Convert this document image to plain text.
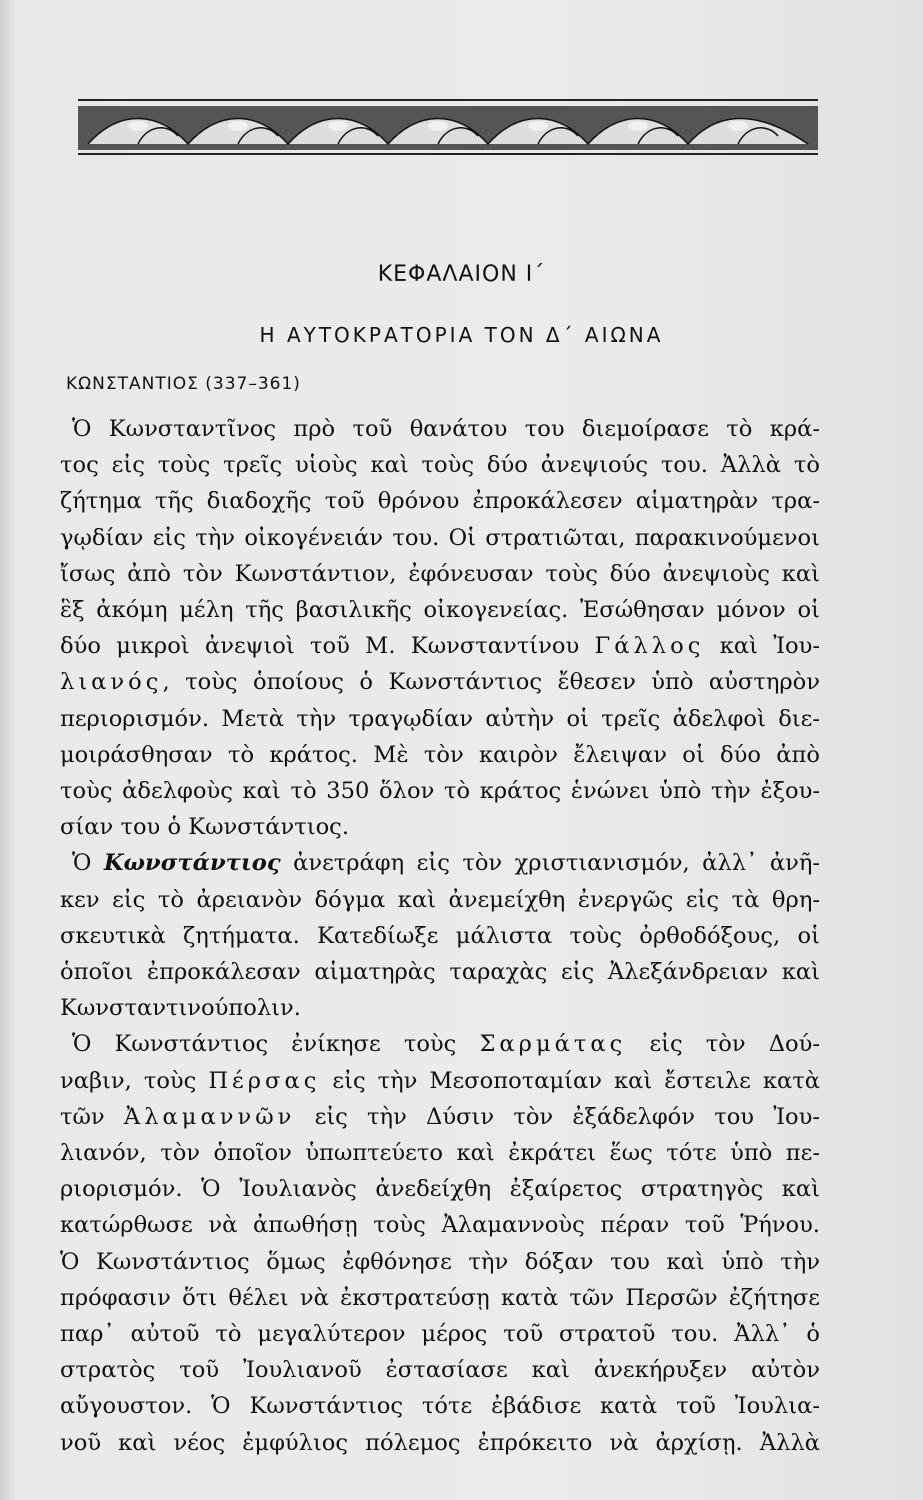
ΚΕΦΑΛΑΙΟΝ Ι΄
Η ΑΥΤΟΚΡΑΤΟΡΙΑ ΤΟΝ Δ΄ ΑΙΩΝΑ
ΚΩΝΣΤΑΝΤΙΟΣ (337–361)
Ὁ Κωνσταντῖνος πρὸ τοῦ θανάτου του διεμοίρασε τὸ κρά-
τος εἰς τοὺς τρεῖς υἱοὺς καὶ τοὺς δύο ἀνεψιούς του. Ἀλλὰ τὸ
ζήτημα τῆς διαδοχῆς τοῦ θρόνου ἐπροκάλεσεν αἱματηρὰν τρα-
γῳδίαν εἰς τὴν οἰκογένειάν του. Οἱ στρατιῶται, παρακινούμενοι
ἴσως ἀπὸ τὸν Κωνστάντιον, ἐφόνευσαν τοὺς δύο ἀνεψιοὺς καὶ
ἓξ ἀκόμη μέλη τῆς βασιλικῆς οἰκογενείας. Ἐσώθησαν μόνον οἱ
δύο μικροὶ ἀνεψιοὶ τοῦ Μ. Κωνσταντίνου Γάλλος καὶ Ἰου-
λιανός, τοὺς ὁποίους ὁ Κωνστάντιος ἔθεσεν ὑπὸ αὐστηρὸν
περιορισμόν. Μετὰ τὴν τραγῳδίαν αὐτὴν οἱ τρεῖς ἀδελφοὶ διε-
μοιράσθησαν τὸ κράτος. Μὲ τὸν καιρὸν ἔλειψαν οἱ δύο ἀπὸ
τοὺς ἀδελφοὺς καὶ τὸ 350 ὅλον τὸ κράτος ἑνώνει ὑπὸ τὴν ἐξου-
σίαν του ὁ Κωνστάντιος.
Ὁ Κωνστάντιος ἀνετράφη εἰς τὸν χριστιανισμόν, ἀλλ᾽ ἀνῆ-
κεν εἰς τὸ ἀρειανὸν δόγμα καὶ ἀνεμείχθη ἐνεργῶς εἰς τὰ θρη-
σκευτικὰ ζητήματα. Κατεδίωξε μάλιστα τοὺς ὀρθοδόξους, οἱ
ὁποῖοι ἐπροκάλεσαν αἱματηρὰς ταραχὰς εἰς Ἀλεξάνδρειαν καὶ
Κωνσταντινούπολιν.
Ὁ Κωνστάντιος ἐνίκησε τοὺς Σαρμάτας εἰς τὸν Δού-
ναβιν, τοὺς Πέρσας εἰς τὴν Μεσοποταμίαν καὶ ἔστειλε κατὰ
τῶν Ἀλαμαννῶν εἰς τὴν Δύσιν τὸν ἐξάδελφόν του Ἰου-
λιανόν, τὸν ὁποῖον ὑπωπτεύετο καὶ ἐκράτει ἕως τότε ὑπὸ πε-
ριορισμόν. Ὁ Ἰουλιανὸς ἀνεδείχθη ἐξαίρετος στρατηγὸς καὶ
κατώρθωσε νὰ ἀπωθήσῃ τοὺς Ἀλαμαννοὺς πέραν τοῦ Ῥήνου.
Ὁ Κωνστάντιος ὅμως ἐφθόνησε τὴν δόξαν του καὶ ὑπὸ τὴν
πρόφασιν ὅτι θέλει νὰ ἐκστρατεύσῃ κατὰ τῶν Περσῶν ἐζήτησε
παρ᾽ αὐτοῦ τὸ μεγαλύτερον μέρος τοῦ στρατοῦ του. Ἀλλ᾽ ὁ
στρατὸς τοῦ Ἰουλιανοῦ ἐστασίασε καὶ ἀνεκήρυξεν αὐτὸν
αὔγουστον. Ὁ Κωνστάντιος τότε ἐβάδισε κατὰ τοῦ Ἰουλια-
νοῦ καὶ νέος ἐμφύλιος πόλεμος ἐπρόκειτο νὰ ἀρχίσῃ. Ἀλλὰ
